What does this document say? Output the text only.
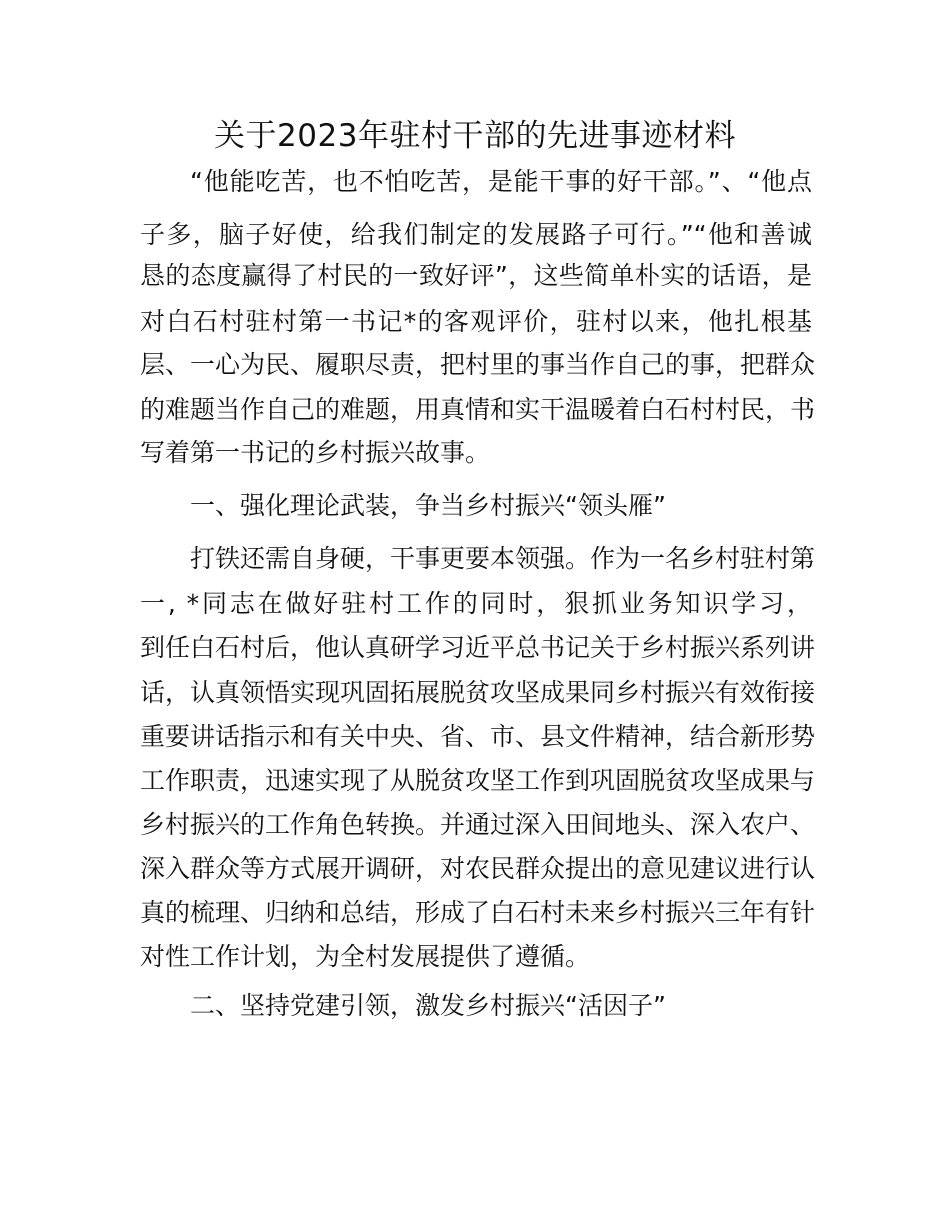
关于2023年驻村干部的先进事迹材料
“他能吃苦，也不怕吃苦，是能干事的好干部。”、“他点
子多，脑子好使，给我们制定的发展路子可行。”“他和善诚
恳的态度赢得了村民的一致好评”，这些简单朴实的话语，是
对白石村驻村第一书记*的客观评价，驻村以来，他扎根基
层、一心为民、履职尽责，把村里的事当作自己的事，把群众
的难题当作自己的难题，用真情和实干温暖着白石村村民，书
写着第一书记的乡村振兴故事。
一、强化理论武装，争当乡村振兴“领头雁”
打铁还需自身硬，干事更要本领强。作为一名乡村驻村第
一, *同志在做好驻村工作的同时，狠抓业务知识学习，
到任白石村后，他认真研学习近平总书记关于乡村振兴系列讲
话，认真领悟实现巩固拓展脱贫攻坚成果同乡村振兴有效衔接
重要讲话指示和有关中央、省、市、县文件精神，结合新形势
工作职责，迅速实现了从脱贫攻坚工作到巩固脱贫攻坚成果与
乡村振兴的工作角色转换。并通过深入田间地头、深入农户、
深入群众等方式展开调研，对农民群众提出的意见建议进行认
真的梳理、归纳和总结，形成了白石村未来乡村振兴三年有针
对性工作计划，为全村发展提供了遵循。
二、坚持党建引领，激发乡村振兴“活因子”
